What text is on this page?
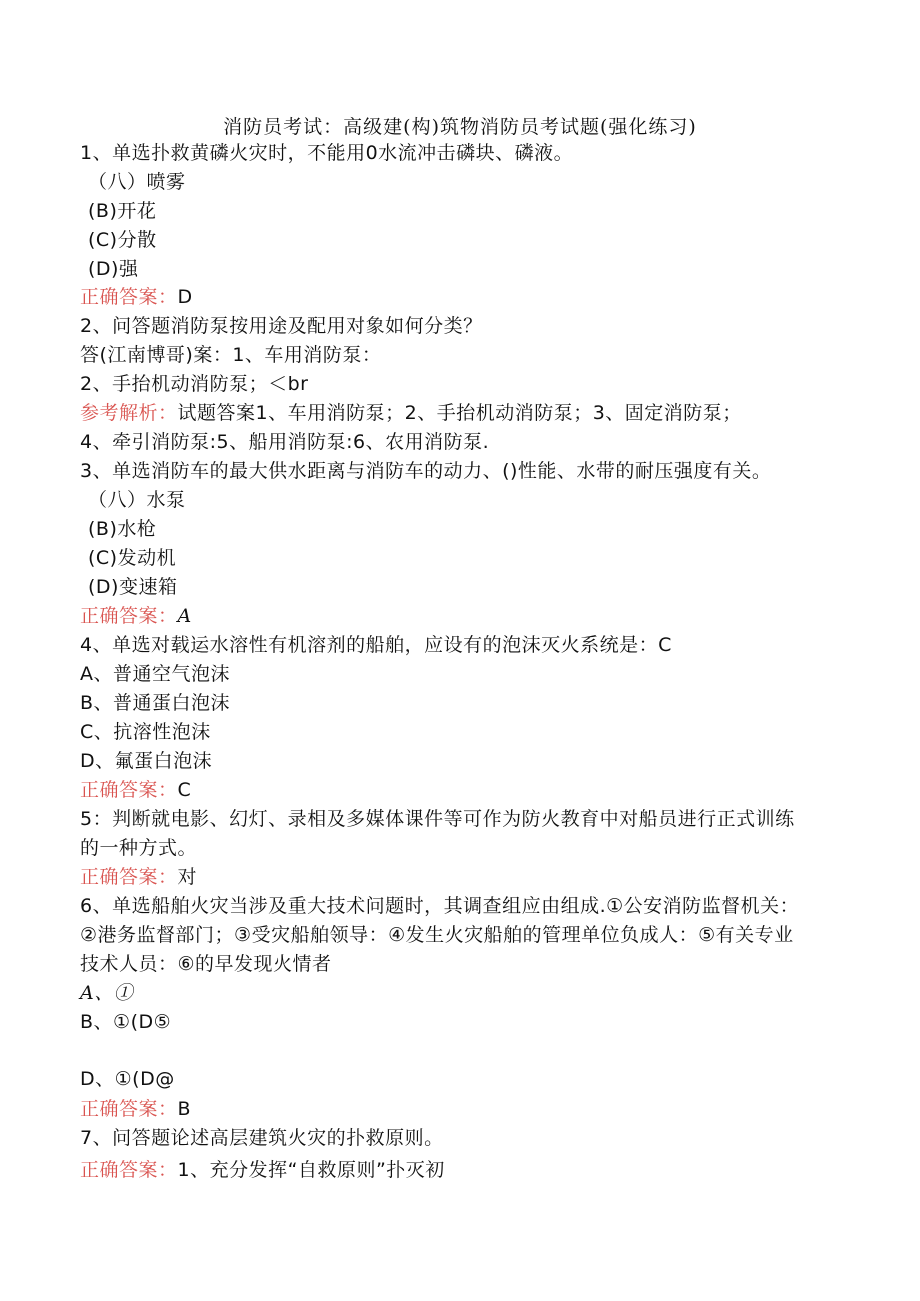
消防员考试：高级建(构)筑物消防员考试题(强化练习)
1、单选扑救黄磷火灾时，不能用0水流冲击磷块、磷液。
（八）喷雾
(B)开花
(C)分散
(D)强
正确答案：D
2、问答题消防泵按用途及配用对象如何分类？
答(江南博哥)案：1、车用消防泵：
2、手抬机动消防泵；＜br
参考解析：试题答案1、车用消防泵；2、手抬机动消防泵；3、固定消防泵；
4、牵引消防泵:5、船用消防泵:6、农用消防泵.
3、单选消防车的最大供水距离与消防车的动力、()性能、水带的耐压强度有关。
（八）水泵
(B)水枪
(C)发动机
(D)变速箱
正确答案：A
4、单选对载运水溶性有机溶剂的船舶，应设有的泡沫灭火系统是：C
A、普通空气泡沫
B、普通蛋白泡沫
C、抗溶性泡沫
D、氟蛋白泡沫
正确答案：C
5：判断就电影、幻灯、录相及多媒体课件等可作为防火教育中对船员进行正式训练
的一种方式。
正确答案：对
6、单选船舶火灾当涉及重大技术问题时，其调查组应由组成.①公安消防监督机关：
②港务监督部门；③受灾船舶领导：④发生火灾船舶的管理单位负成人：⑤有关专业
技术人员：⑥的早发现火情者
A、①
B、①(D⑤
D、①(D@
正确答案：B
7、问答题论述高层建筑火灾的扑救原则。
正确答案：1、充分发挥“自救原则”扑灭初
